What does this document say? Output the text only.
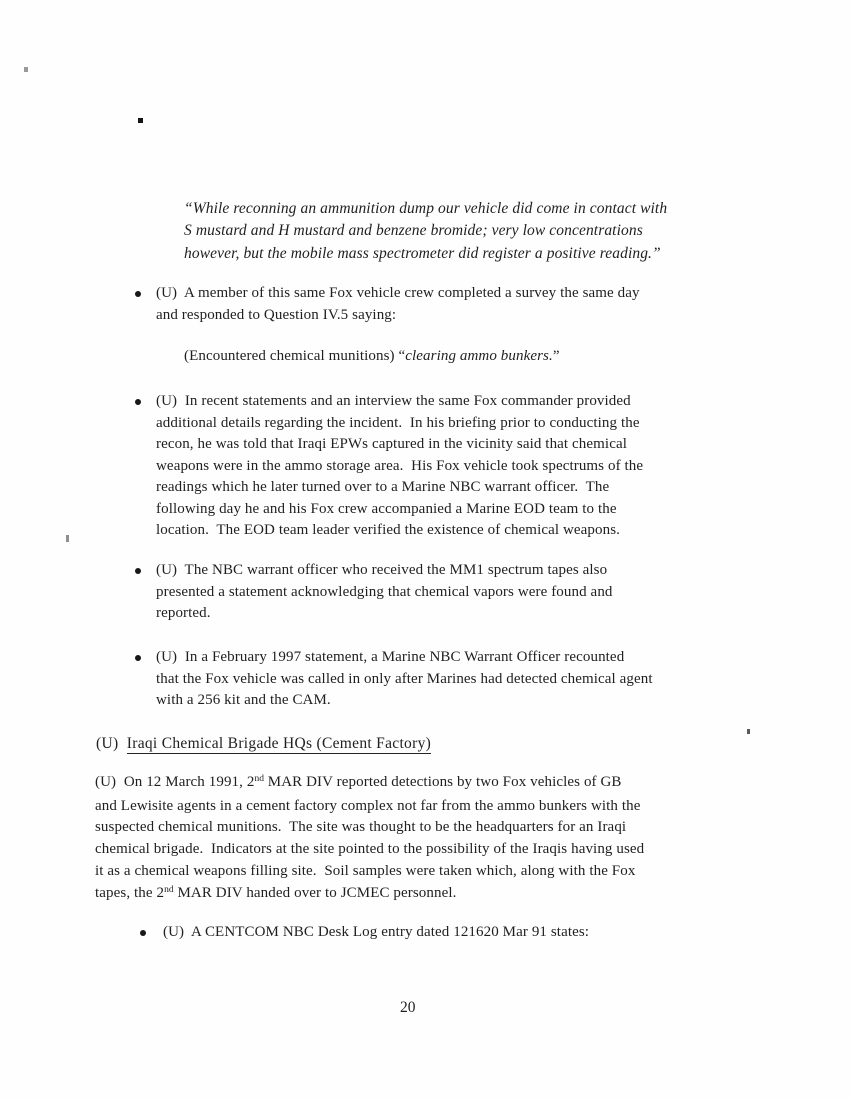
“While reconning an ammunition dump our vehicle did come in contact with
S mustard and H mustard and benzene bromide; very low concentrations
however, but the mobile mass spectrometer did register a positive reading.”
(U)  A member of this same Fox vehicle crew completed a survey the same day
and responded to Question IV.5 saying:
(Encountered chemical munitions) “clearing ammo bunkers.”
(U)  In recent statements and an interview the same Fox commander provided
additional details regarding the incident.  In his briefing prior to conducting the
recon, he was told that Iraqi EPWs captured in the vicinity said that chemical
weapons were in the ammo storage area.  His Fox vehicle took spectrums of the
readings which he later turned over to a Marine NBC warrant officer.  The
following day he and his Fox crew accompanied a Marine EOD team to the
location.  The EOD team leader verified the existence of chemical weapons.
(U)  The NBC warrant officer who received the MM1 spectrum tapes also
presented a statement acknowledging that chemical vapors were found and
reported.
(U)  In a February 1997 statement, a Marine NBC Warrant Officer recounted
that the Fox vehicle was called in only after Marines had detected chemical agent
with a 256 kit and the CAM.
(U)  Iraqi Chemical Brigade HQs (Cement Factory)
(U)  On 12 March 1991, 2nd MAR DIV reported detections by two Fox vehicles of GB
and Lewisite agents in a cement factory complex not far from the ammo bunkers with the
suspected chemical munitions.  The site was thought to be the headquarters for an Iraqi
chemical brigade.  Indicators at the site pointed to the possibility of the Iraqis having used
it as a chemical weapons filling site.  Soil samples were taken which, along with the Fox
tapes, the 2nd MAR DIV handed over to JCMEC personnel.
(U)  A CENTCOM NBC Desk Log entry dated 121620 Mar 91 states:
20
